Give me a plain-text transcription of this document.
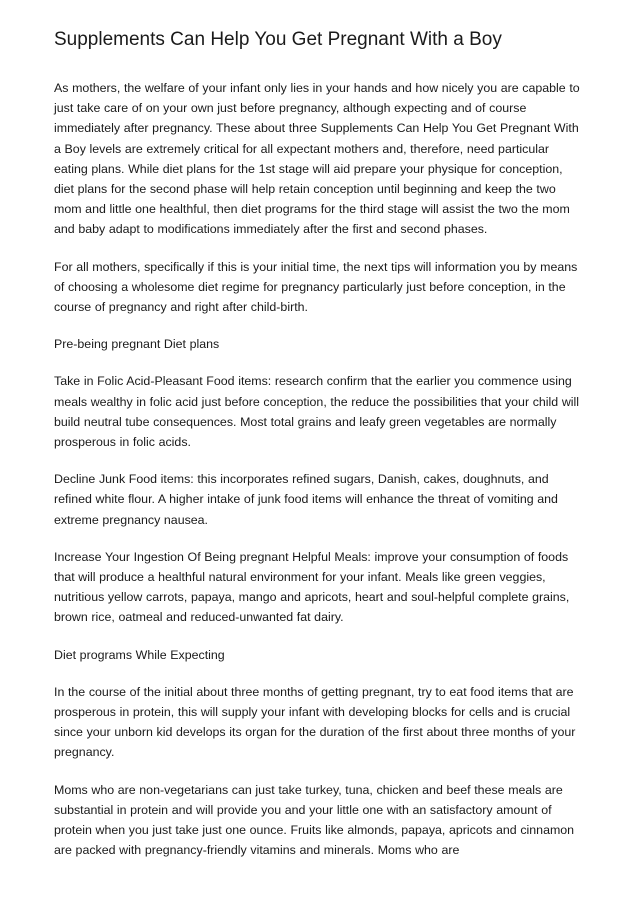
Supplements Can Help You Get Pregnant With a Boy

As mothers, the welfare of your infant only lies in your hands and how nicely you are capable to just take care of on your own just before pregnancy, although expecting and of course immediately after pregnancy. These about three Supplements Can Help You Get Pregnant With a Boy levels are extremely critical for all expectant mothers and, therefore, need particular eating plans. While diet plans for the 1st stage will aid prepare your physique for conception, diet plans for the second phase will help retain conception until beginning and keep the two mom and little one healthful, then diet programs for the third stage will assist the two the mom and baby adapt to modifications immediately after the first and second phases.

For all mothers, specifically if this is your initial time, the next tips will information you by means of choosing a wholesome diet regime for pregnancy particularly just before conception, in the course of pregnancy and right after child-birth.

Pre-being pregnant Diet plans

Take in Folic Acid-Pleasant Food items: research confirm that the earlier you commence using meals wealthy in folic acid just before conception, the reduce the possibilities that your child will build neutral tube consequences. Most total grains and leafy green vegetables are normally prosperous in folic acids.

Decline Junk Food items: this incorporates refined sugars, Danish, cakes, doughnuts, and refined white flour. A higher intake of junk food items will enhance the threat of vomiting and extreme pregnancy nausea.

Increase Your Ingestion Of Being pregnant Helpful Meals: improve your consumption of foods that will produce a healthful natural environment for your infant. Meals like green veggies, nutritious yellow carrots, papaya, mango and apricots, heart and soul-helpful complete grains, brown rice, oatmeal and reduced-unwanted fat dairy.

Diet programs While Expecting

In the course of the initial about three months of getting pregnant, try to eat food items that are prosperous in protein, this will supply your infant with developing blocks for cells and is crucial since your unborn kid develops its organ for the duration of the first about three months of your pregnancy.

Moms who are non-vegetarians can just take turkey, tuna, chicken and beef these meals are substantial in protein and will provide you and your little one with an satisfactory amount of protein when you just take just one ounce. Fruits like almonds, papaya, apricots and cinnamon are packed with pregnancy-friendly vitamins and minerals. Moms who are
